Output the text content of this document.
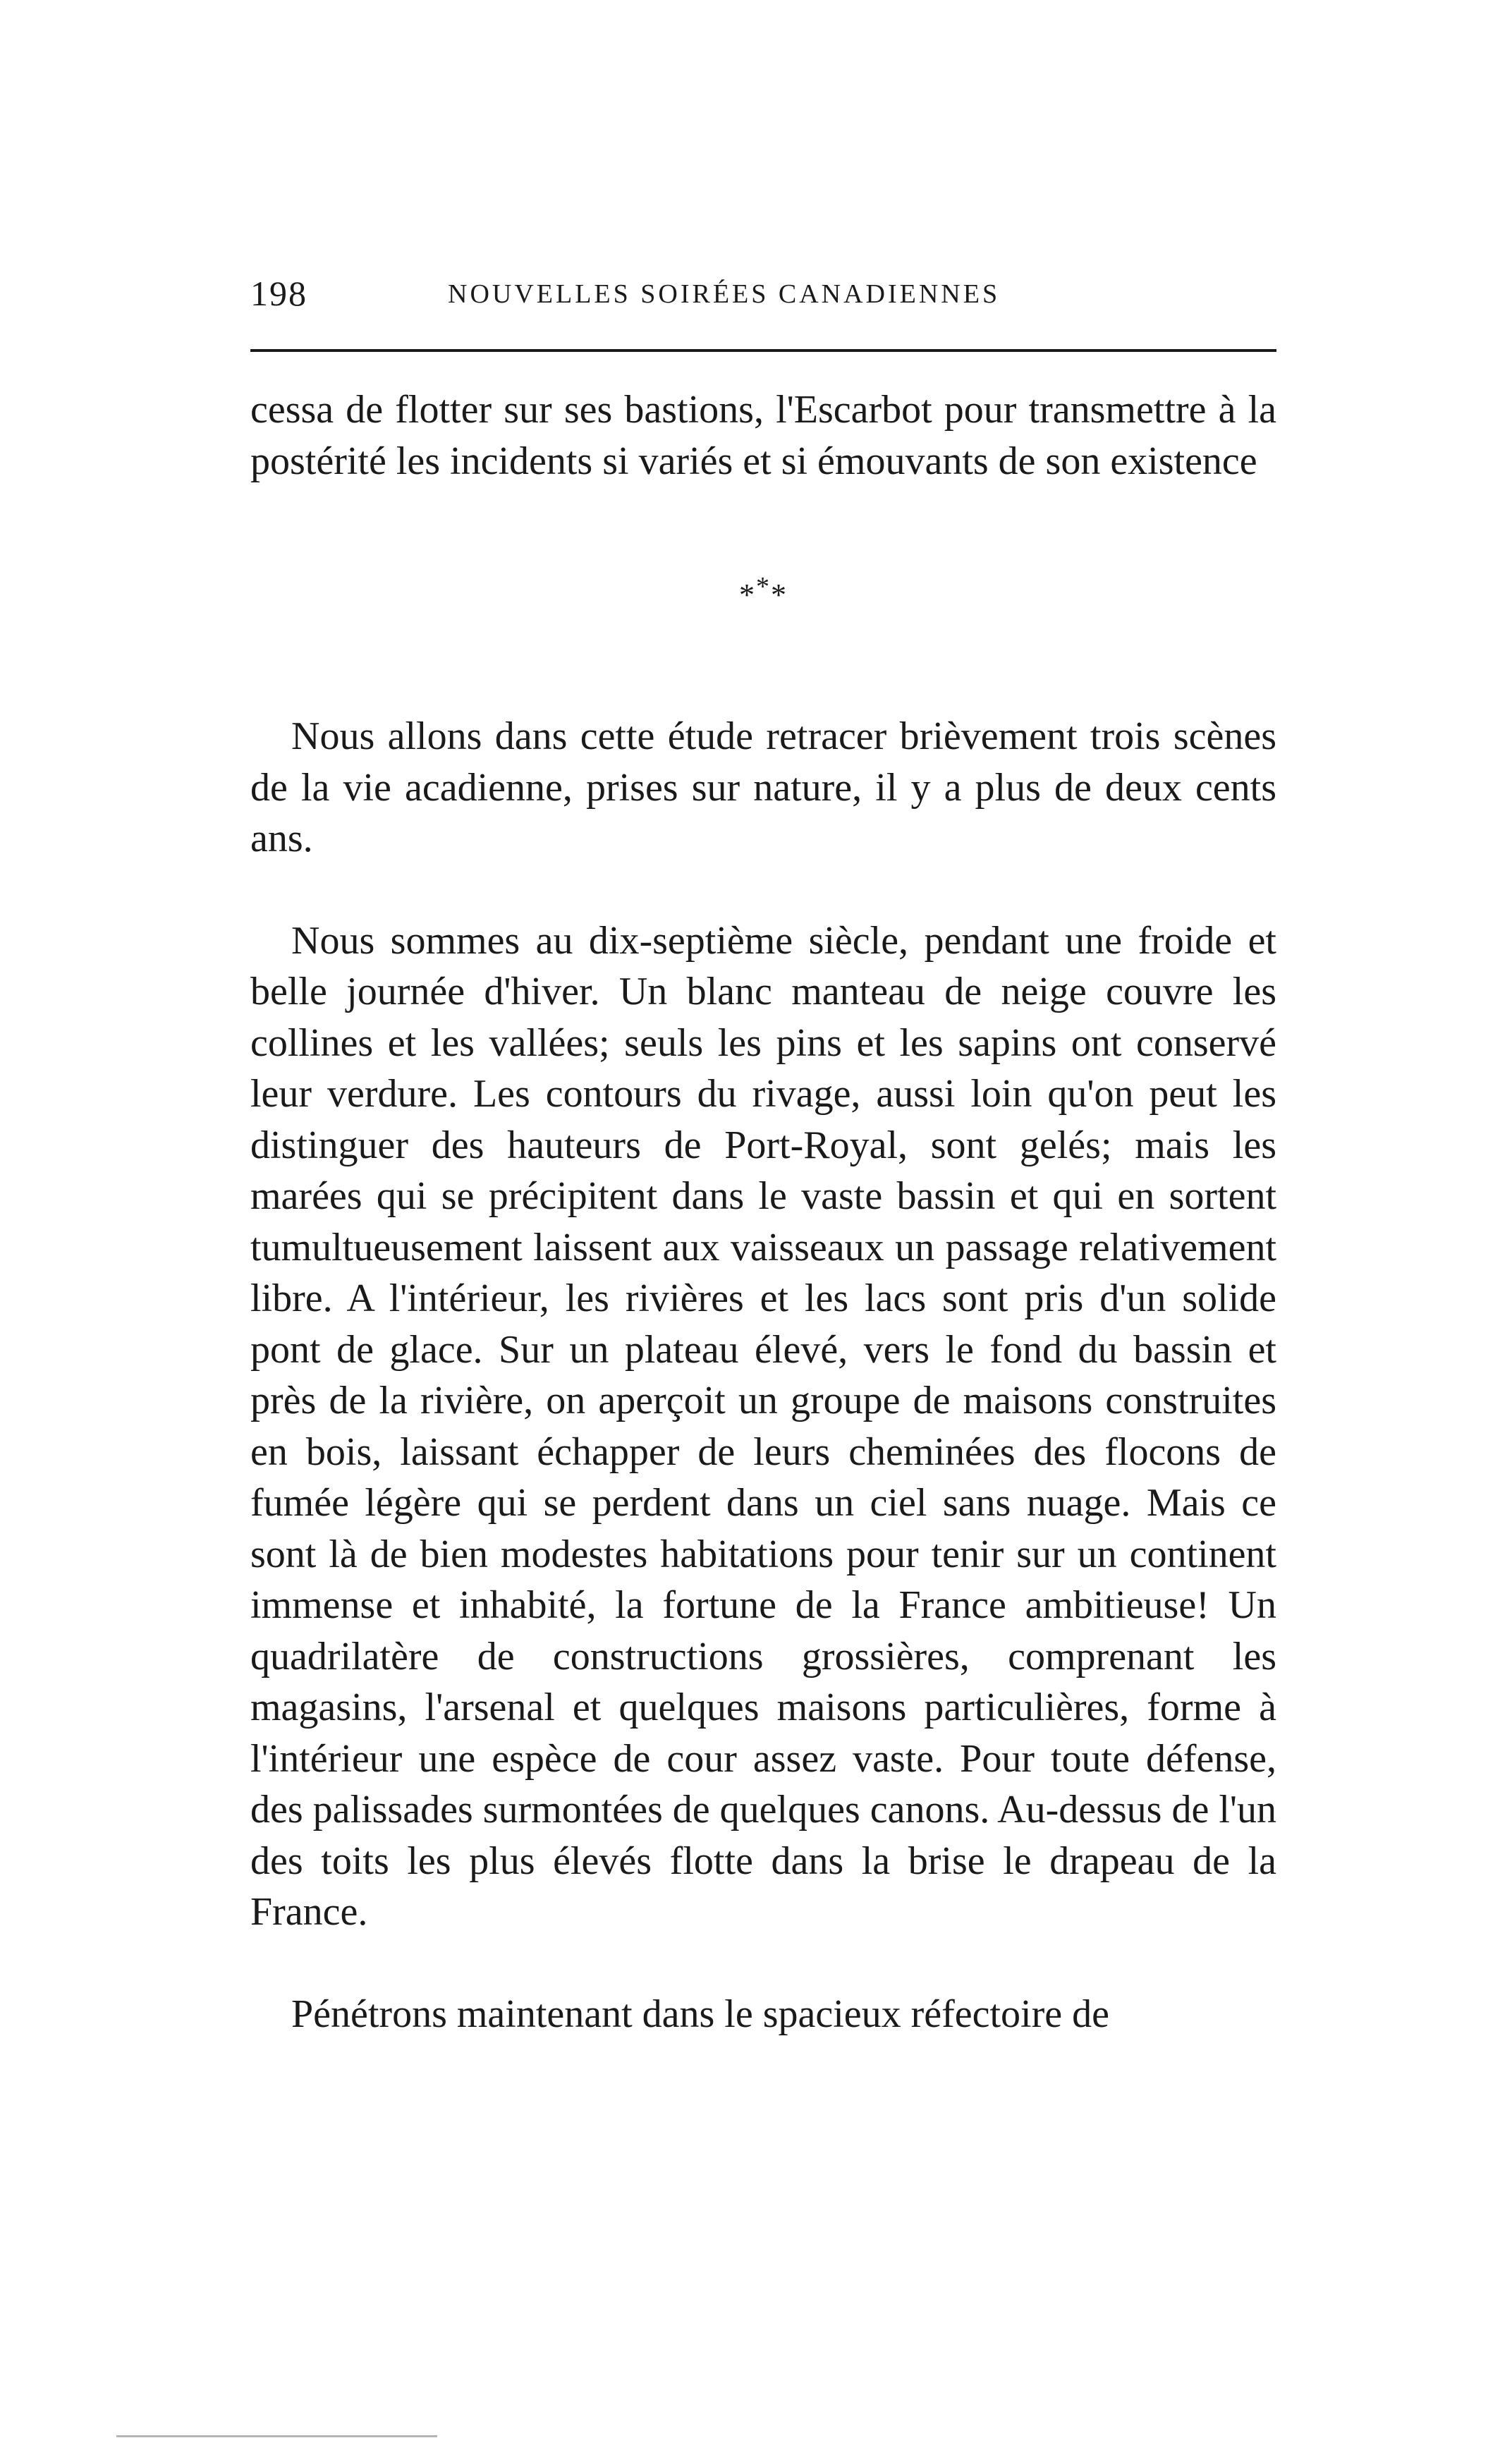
198	NOUVELLES SOIRÉES CANADIENNES

cessa de flotter sur ses bastions, l'Escarbot pour transmettre à la postérité les incidents si variés et si émouvants de son existence

***

Nous allons dans cette étude retracer brièvement trois scènes de la vie acadienne, prises sur nature, il y a plus de deux cents ans.

Nous sommes au dix-septième siècle, pendant une froide et belle journée d'hiver. Un blanc manteau de neige couvre les collines et les vallées; seuls les pins et les sapins ont conservé leur verdure. Les contours du rivage, aussi loin qu'on peut les distinguer des hauteurs de Port-Royal, sont gelés; mais les marées qui se précipitent dans le vaste bassin et qui en sortent tumultueusement laissent aux vaisseaux un passage relativement libre. A l'intérieur, les rivières et les lacs sont pris d'un solide pont de glace. Sur un plateau élevé, vers le fond du bassin et près de la rivière, on aperçoit un groupe de maisons construites en bois, laissant échapper de leurs cheminées des flocons de fumée légère qui se perdent dans un ciel sans nuage. Mais ce sont là de bien modestes habitations pour tenir sur un continent immense et inhabité, la fortune de la France ambitieuse! Un quadrilatère de constructions grossières, comprenant les magasins, l'arsenal et quelques maisons particulières, forme à l'intérieur une espèce de cour assez vaste. Pour toute défense, des palissades surmontées de quelques canons. Au-dessus de l'un des toits les plus élevés flotte dans la brise le drapeau de la France.

Pénétrons maintenant dans le spacieux réfectoire de
